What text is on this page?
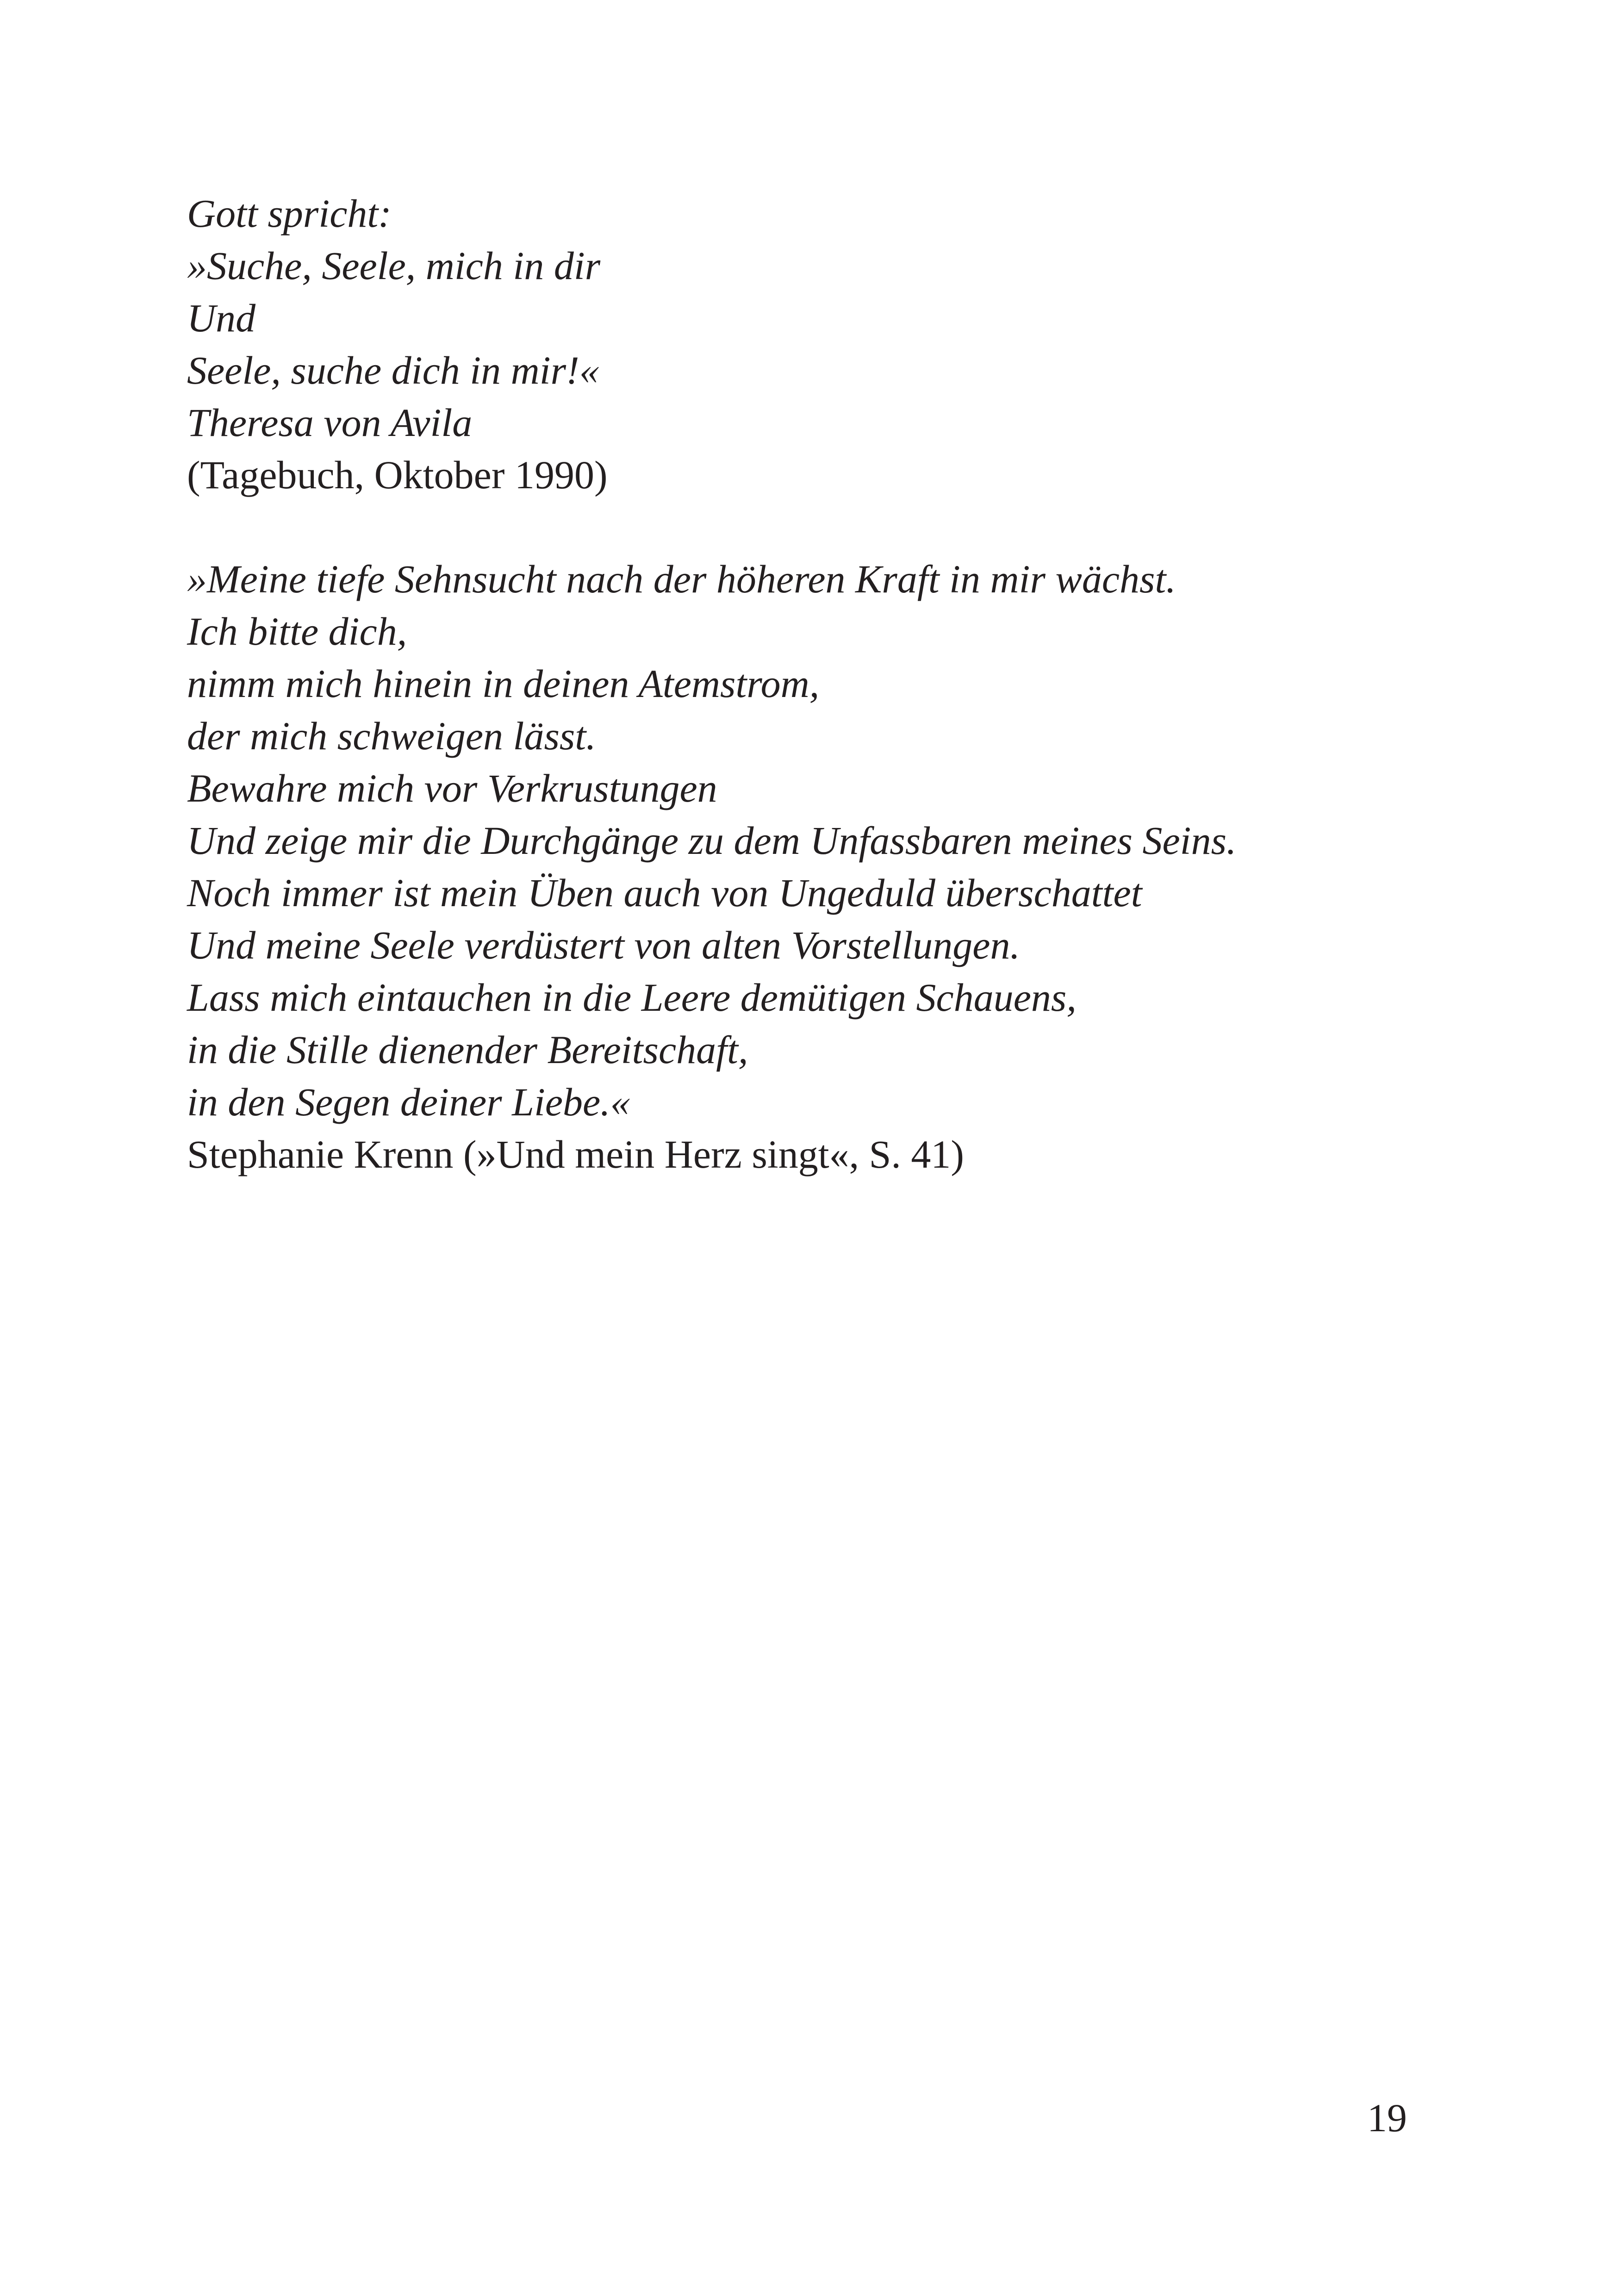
Gott spricht:
»Suche, Seele, mich in dir
Und
Seele, suche dich in mir!«
Theresa von Avila
(Tagebuch, Oktober 1990)
»Meine tiefe Sehnsucht nach der höheren Kraft in mir wächst.
Ich bitte dich,
nimm mich hinein in deinen Atemstrom,
der mich schweigen lässt.
Bewahre mich vor Verkrustungen
Und zeige mir die Durchgänge zu dem Unfassbaren meines Seins.
Noch immer ist mein Üben auch von Ungeduld überschattet
Und meine Seele verdüstert von alten Vorstellungen.
Lass mich eintauchen in die Leere demütigen Schauens,
in die Stille dienender Bereitschaft,
in den Segen deiner Liebe.«
Stephanie Krenn (»Und mein Herz singt«, S. 41)
19
